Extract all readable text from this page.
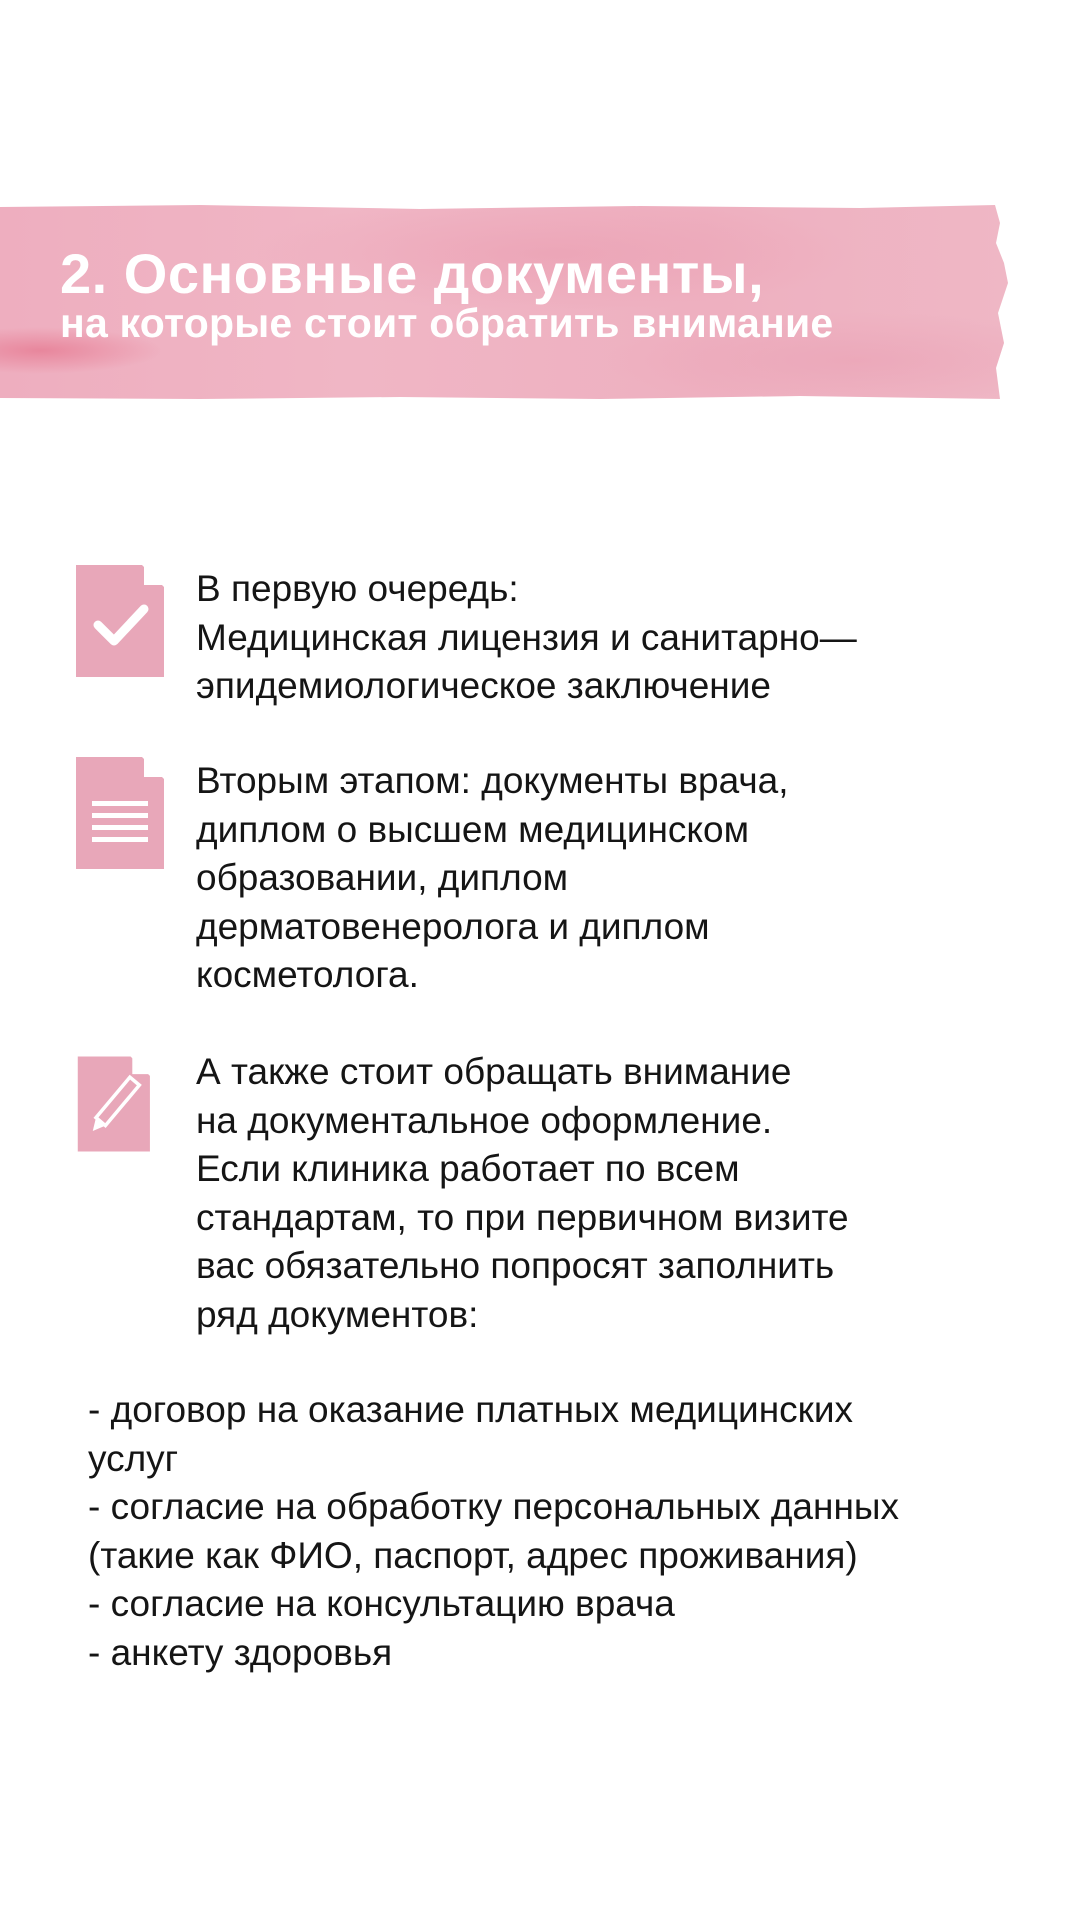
2. Основные документы,
на которые стоит обратить внимание
В первую очередь:
Медицинская лицензия и санитарно—
эпидемиологическое заключение
Вторым этапом: документы врача,
диплом о высшем медицинском
образовании, диплом
дерматовенеролога и диплом
косметолога.
А также стоит обращать внимание
на документальное оформление.
Если клиника работает по всем
стандартам, то при первичном визите
вас обязательно попросят заполнить
ряд документов:
- договор на оказание платных медицинских
услуг
- согласие на обработку персональных данных
(такие как ФИО, паспорт, адрес проживания)
- согласие на консультацию врача
- анкету здоровья
